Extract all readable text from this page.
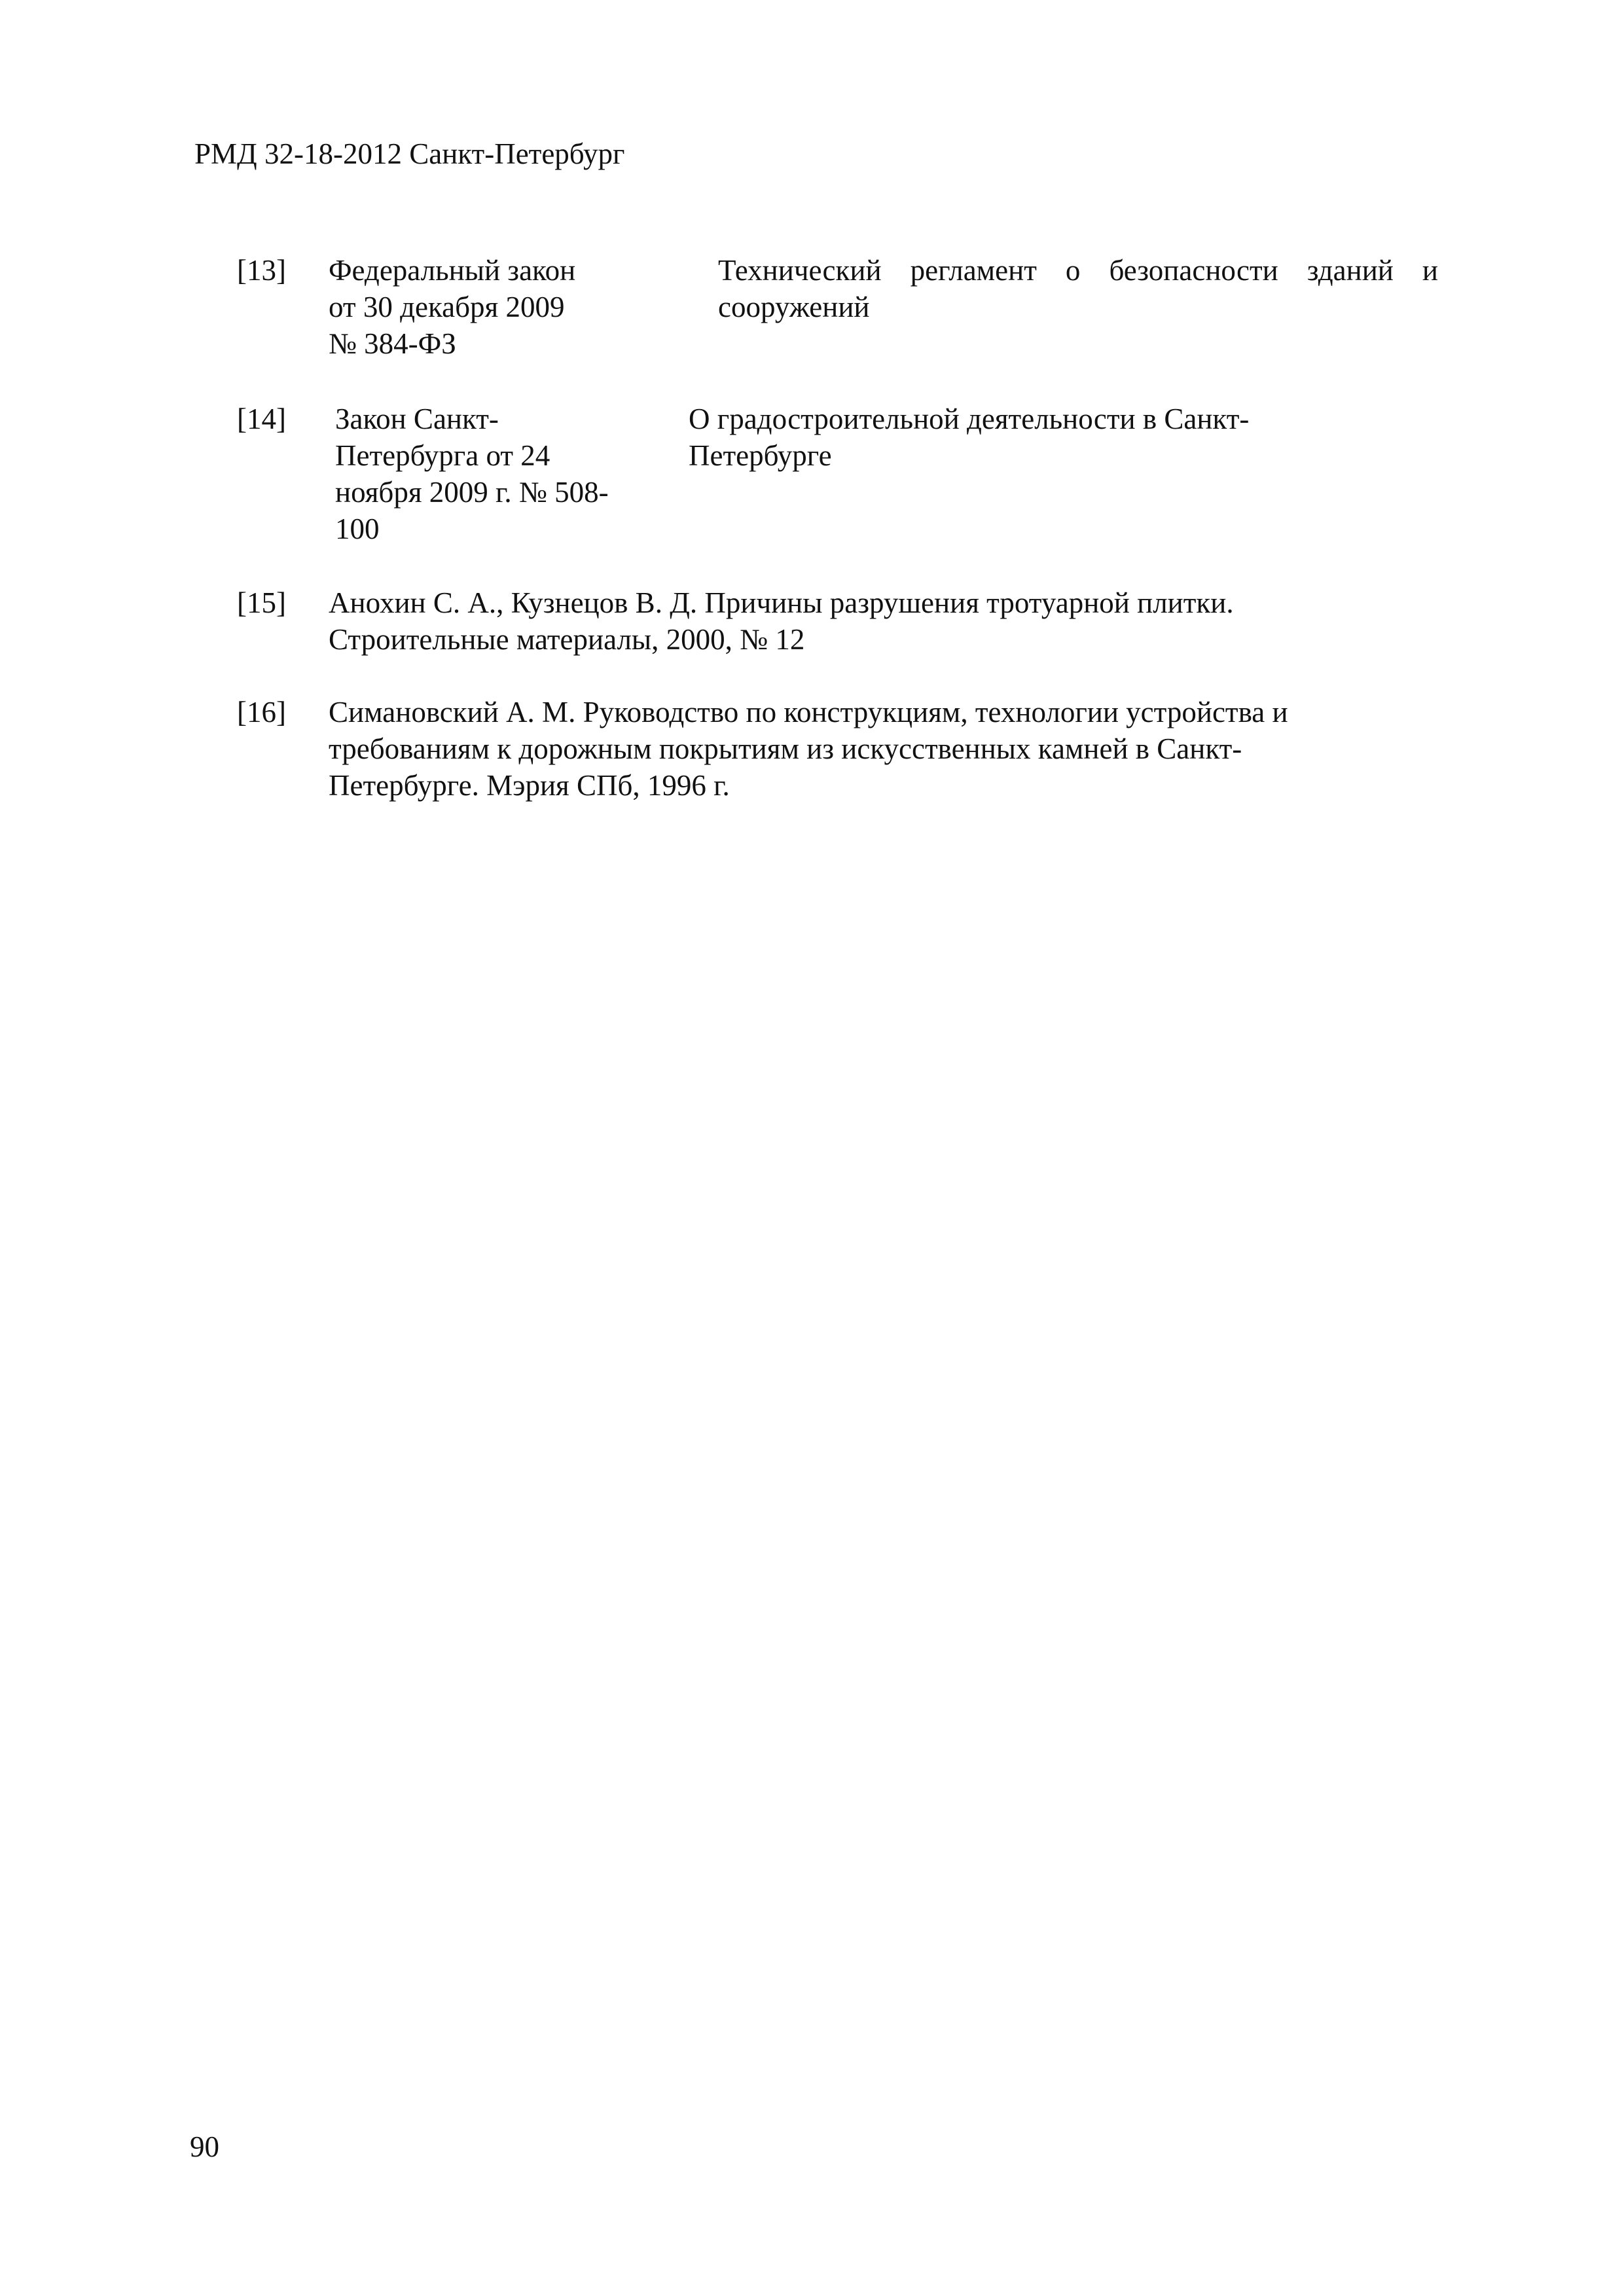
РМД 32-18-2012 Санкт-Петербург
[13] Федеральный закон
от 30 декабря 2009
№ 384-ФЗ
Технический регламент о безопасности зданий и сооружений
[14] Закон Санкт-
Петербурга от 24
ноября 2009 г. № 508-
100
О градостроительной деятельности в Санкт-
Петербурге
[15] Анохин С. А., Кузнецов В. Д. Причины разрушения тротуарной плитки.
Строительные материалы, 2000, № 12
[16] Симановский А. М. Руководство по конструкциям, технологии устройства и
требованиям к дорожным покрытиям из искусственных камней в Санкт-
Петербурге. Мэрия СПб, 1996 г.
90
